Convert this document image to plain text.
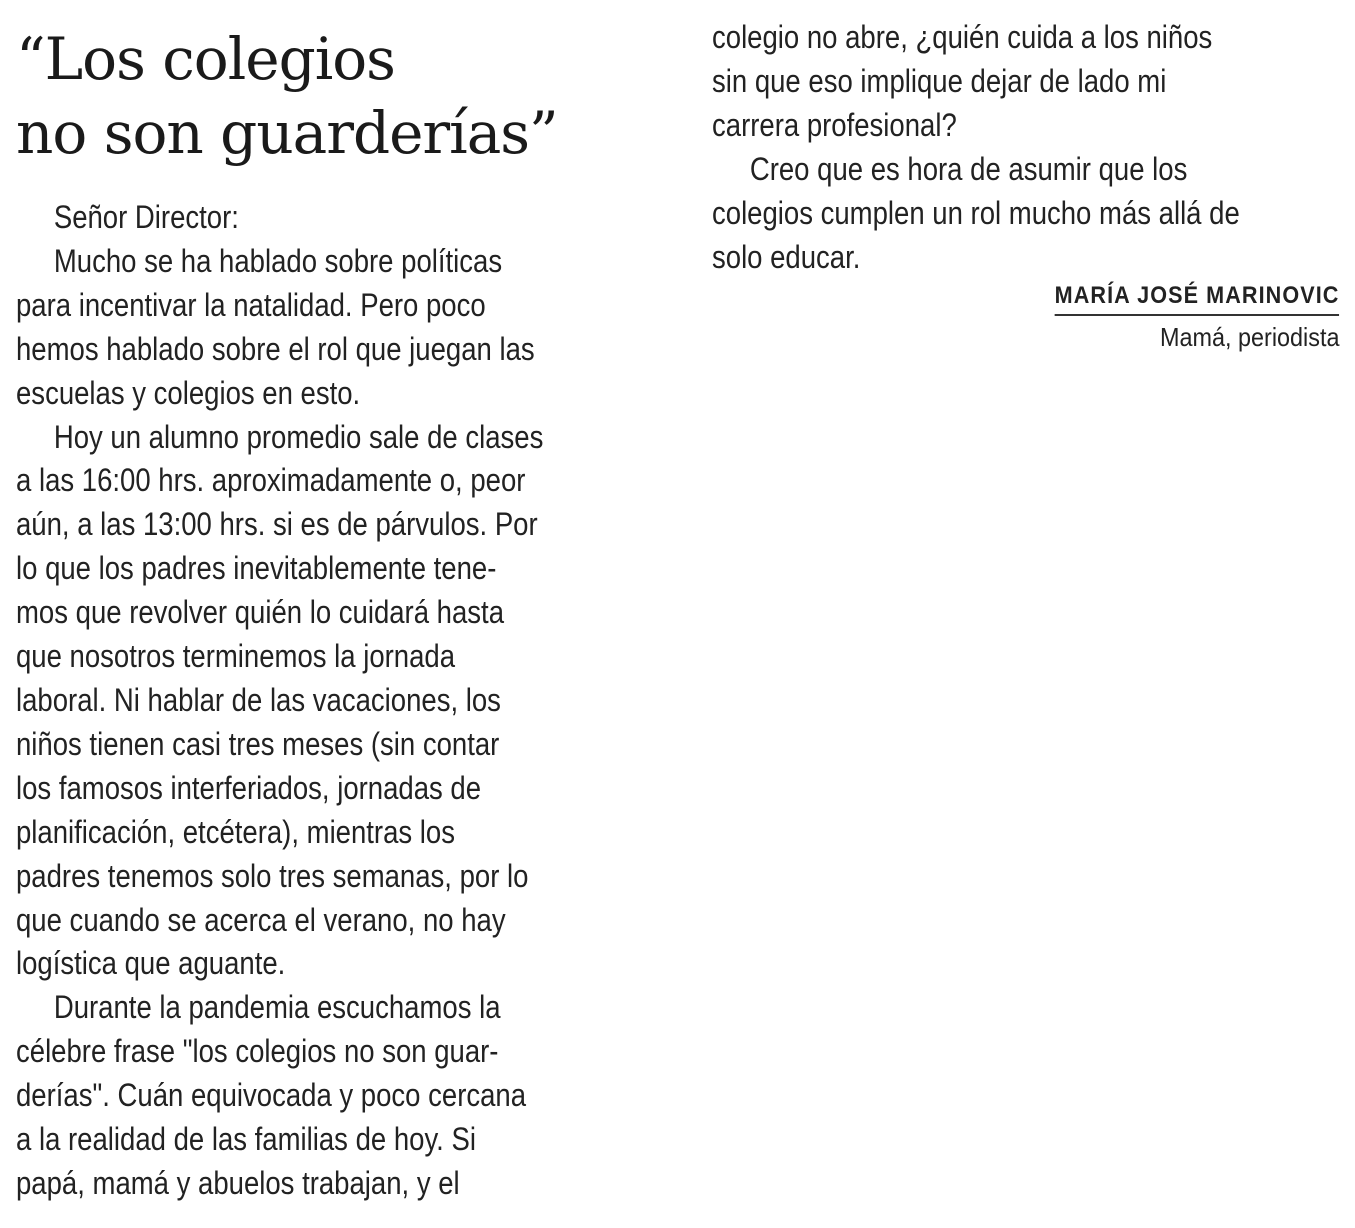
“Los colegios
no son guarderías”
Señor Director:
Mucho se ha hablado sobre políticas
para incentivar la natalidad. Pero poco
hemos hablado sobre el rol que juegan las
escuelas y colegios en esto.
Hoy un alumno promedio sale de clases
a las 16:00 hrs. aproximadamente o, peor
aún, a las 13:00 hrs. si es de párvulos. Por
lo que los padres inevitablemente tene-
mos que revolver quién lo cuidará hasta
que nosotros terminemos la jornada
laboral. Ni hablar de las vacaciones, los
niños tienen casi tres meses (sin contar
los famosos interferiados, jornadas de
planificación, etcétera), mientras los
padres tenemos solo tres semanas, por lo
que cuando se acerca el verano, no hay
logística que aguante.
Durante la pandemia escuchamos la
célebre frase "los colegios no son guar-
derías". Cuán equivocada y poco cercana
a la realidad de las familias de hoy. Si
papá, mamá y abuelos trabajan, y el
colegio no abre, ¿quién cuida a los niños
sin que eso implique dejar de lado mi
carrera profesional?
Creo que es hora de asumir que los
colegios cumplen un rol mucho más allá de
solo educar.
MARÍA JOSÉ MARINOVIC
Mamá, periodista
